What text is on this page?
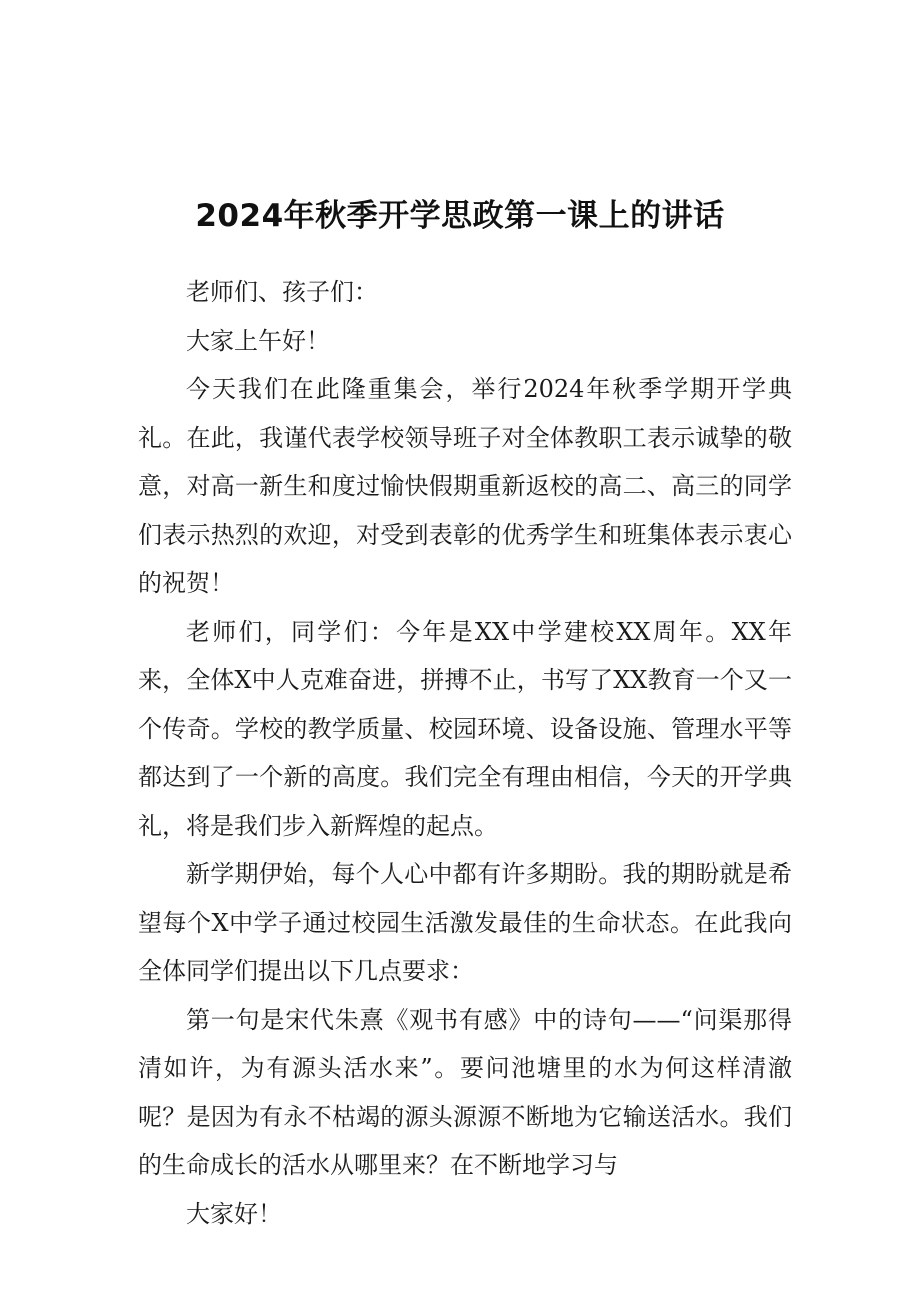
2024年秋季开学思政第一课上的讲话

老师们、孩子们：

大家上午好！

今天我们在此隆重集会，举行2024年秋季学期开学典礼。在此，我谨代表学校领导班子对全体教职工表示诚挚的敬意，对高一新生和度过愉快假期重新返校的高二、高三的同学们表示热烈的欢迎，对受到表彰的优秀学生和班集体表示衷心的祝贺！

老师们，同学们：今年是XX中学建校XX周年。XX年来，全体X中人克难奋进，拼搏不止，书写了XX教育一个又一个传奇。学校的教学质量、校园环境、设备设施、管理水平等都达到了一个新的高度。我们完全有理由相信，今天的开学典礼，将是我们步入新辉煌的起点。

新学期伊始，每个人心中都有许多期盼。我的期盼就是希望每个X中学子通过校园生活激发最佳的生命状态。在此我向全体同学们提出以下几点要求：

第一句是宋代朱熹《观书有感》中的诗句——“问渠那得清如许，为有源头活水来”。要问池塘里的水为何这样清澈呢？是因为有永不枯竭的源头源源不断地为它输送活水。我们的生命成长的活水从哪里来？在不断地学习与

大家好！
